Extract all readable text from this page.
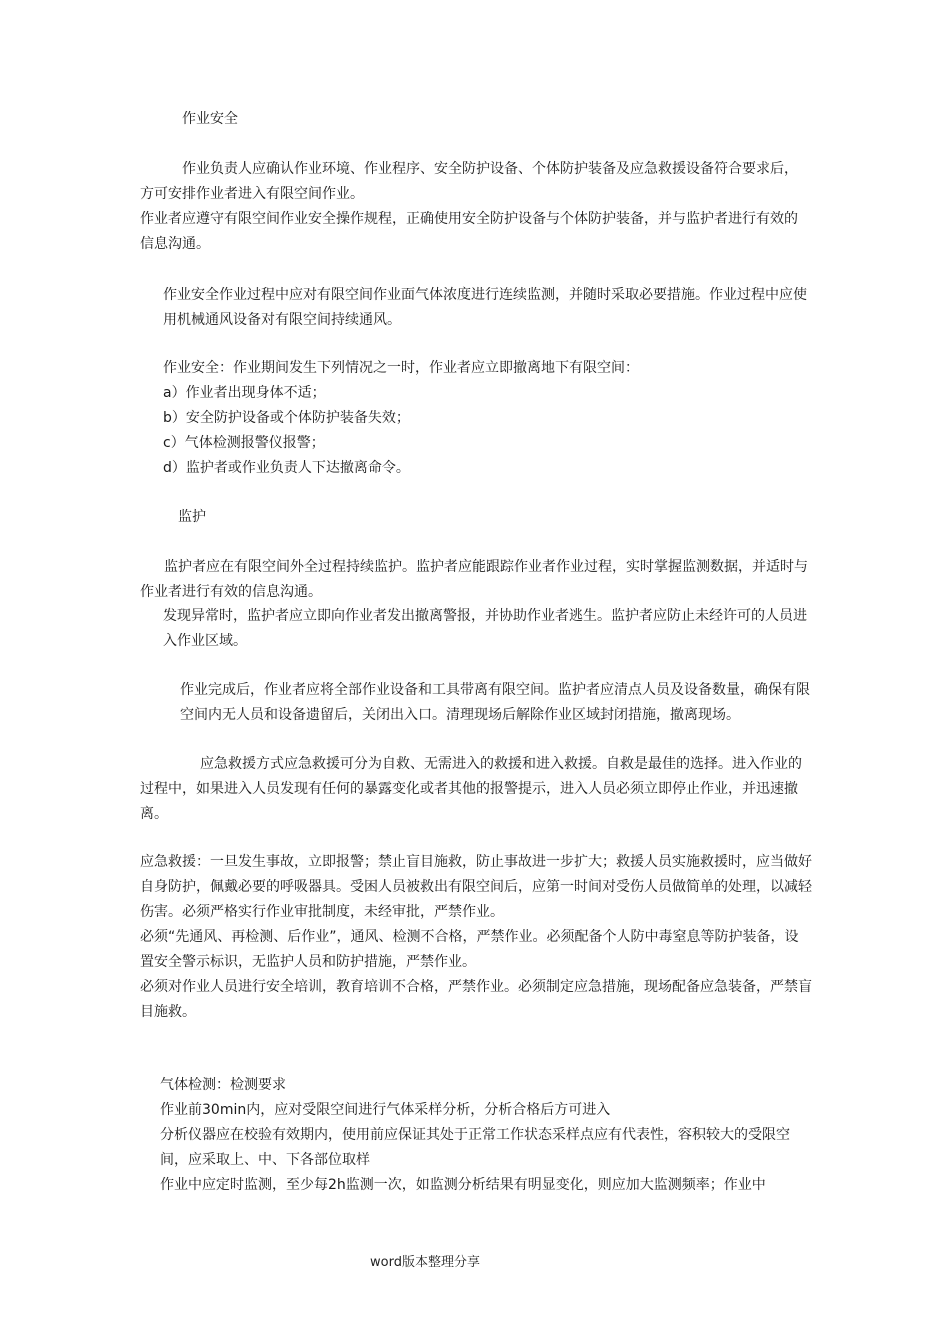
作业安全

作业负责人应确认作业环境、作业程序、安全防护设备、个体防护装备及应急救援设备符合要求后，方可安排作业者进入有限空间作业。

作业者应遵守有限空间作业安全操作规程，正确使用安全防护设备与个体防护装备，并与监护者进行有效的信息沟通。

作业安全作业过程中应对有限空间作业面气体浓度进行连续监测，并随时采取必要措施。作业过程中应使用机械通风设备对有限空间持续通风。

作业安全：作业期间发生下列情况之一时，作业者应立即撤离地下有限空间：

a）作业者出现身体不适；

b）安全防护设备或个体防护装备失效；

c）气体检测报警仪报警；

d）监护者或作业负责人下达撤离命令。

监护

监护者应在有限空间外全过程持续监护。监护者应能跟踪作业者作业过程，实时掌握监测数据，并适时与作业者进行有效的信息沟通。

发现异常时，监护者应立即向作业者发出撤离警报，并协助作业者逃生。监护者应防止未经许可的人员进入作业区域。

作业完成后，作业者应将全部作业设备和工具带离有限空间。监护者应清点人员及设备数量，确保有限空间内无人员和设备遗留后，关闭出入口。清理现场后解除作业区域封闭措施，撤离现场。

应急救援方式应急救援可分为自救、无需进入的救援和进入救援。自救是最佳的选择。进入作业的过程中，如果进入人员发现有任何的暴露变化或者其他的报警提示，进入人员必须立即停止作业，并迅速撤离。

应急救援：一旦发生事故，立即报警；禁止盲目施救，防止事故进一步扩大；救援人员实施救援时，应当做好自身防护，佩戴必要的呼吸器具。受困人员被救出有限空间后，应第一时间对受伤人员做简单的处理，以减轻伤害。必须严格实行作业审批制度，未经审批，严禁作业。

必须“先通风、再检测、后作业”，通风、检测不合格，严禁作业。必须配备个人防中毒窒息等防护装备，设置安全警示标识，无监护人员和防护措施，严禁作业。

必须对作业人员进行安全培训，教育培训不合格，严禁作业。必须制定应急措施，现场配备应急装备，严禁盲目施救。

气体检测：检测要求

作业前30min内，应对受限空间进行气体采样分析，分析合格后方可进入

分析仪器应在校验有效期内，使用前应保证其处于正常工作状态采样点应有代表性，容积较大的受限空间，应采取上、中、下各部位取样

作业中应定时监测，至少每2h监测一次，如监测分析结果有明显变化，则应加大监测频率；作业中

word版本整理分享
